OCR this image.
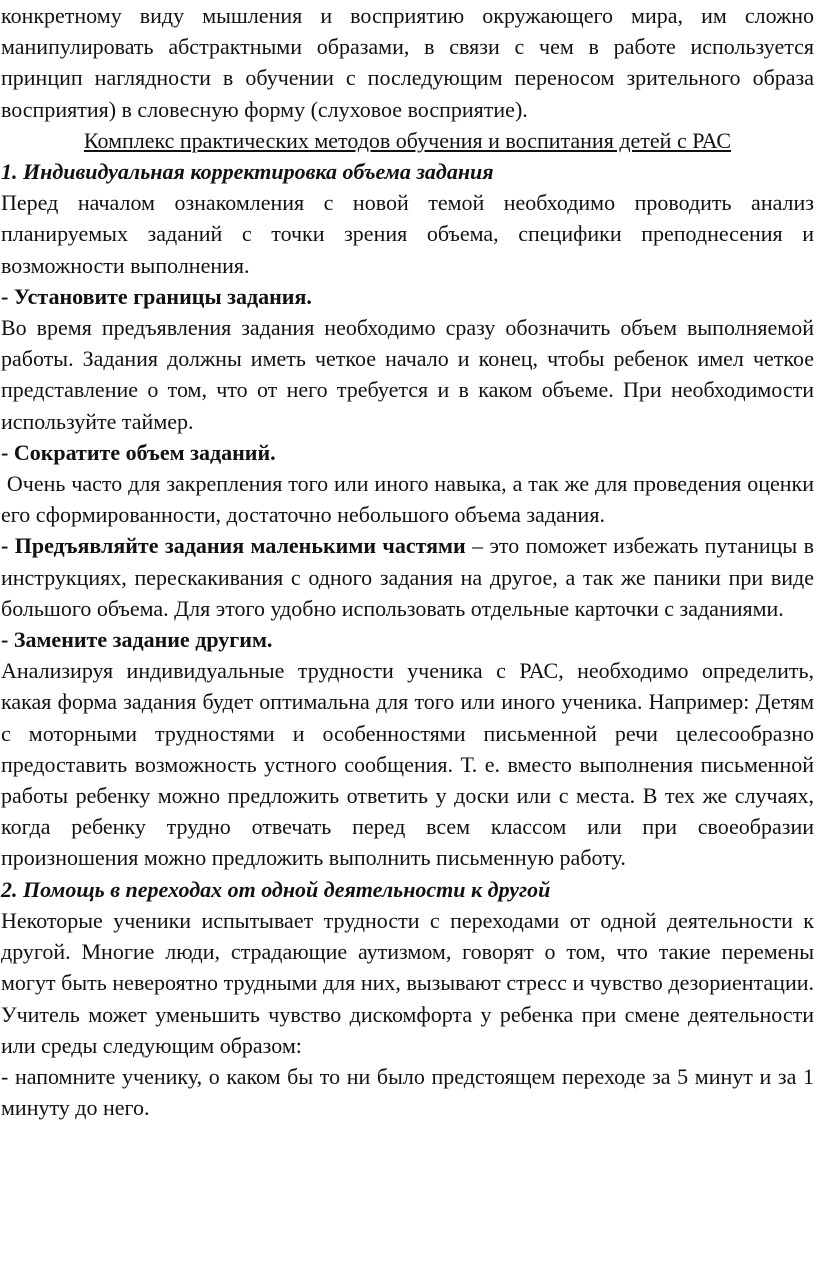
конкретному виду мышления и восприятию окружающего мира, им сложно манипулировать абстрактными образами, в связи с чем в работе используется принцип наглядности в обучении с последующим переносом зрительного образа восприятия) в словесную форму (слуховое восприятие).

Комплекс практических методов обучения и воспитания детей с РАС

1. Индивидуальная корректировка объема задания

Перед началом ознакомления с новой темой необходимо проводить анализ планируемых заданий с точки зрения объема, специфики преподнесения и возможности выполнения.

- Установите границы задания.

Во время предъявления задания необходимо сразу обозначить объем выполняемой работы. Задания должны иметь четкое начало и конец, чтобы ребенок имел четкое представление о том, что от него требуется и в каком объеме. При необходимости используйте таймер.

- Сократите объем заданий.

Очень часто для закрепления того или иного навыка, а так же для проведения оценки его сформированности, достаточно небольшого объема задания.

- Предъявляйте задания маленькими частями – это поможет избежать путаницы в инструкциях, перескакивания с одного задания на другое, а так же паники при виде большого объема. Для этого удобно использовать отдельные карточки с заданиями.

- Замените задание другим.

Анализируя индивидуальные трудности ученика с РАС, необходимо определить, какая форма задания будет оптимальна для того или иного ученика. Например: Детям с моторными трудностями и особенностями письменной речи целесообразно предоставить возможность устного сообщения. Т. е. вместо выполнения письменной работы ребенку можно предложить ответить у доски или с места. В тех же случаях, когда ребенку трудно отвечать перед всем классом или при своеобразии произношения можно предложить выполнить письменную работу.

2. Помощь в переходах от одной деятельности к другой

Некоторые ученики испытывает трудности с переходами от одной деятельности к другой. Многие люди, страдающие аутизмом, говорят о том, что такие перемены могут быть невероятно трудными для них, вызывают стресс и чувство дезориентации. Учитель может уменьшить чувство дискомфорта у ребенка при смене деятельности или среды следующим образом:

- напомните ученику, о каком бы то ни было предстоящем переходе за 5 минут и за 1 минуту до него.
